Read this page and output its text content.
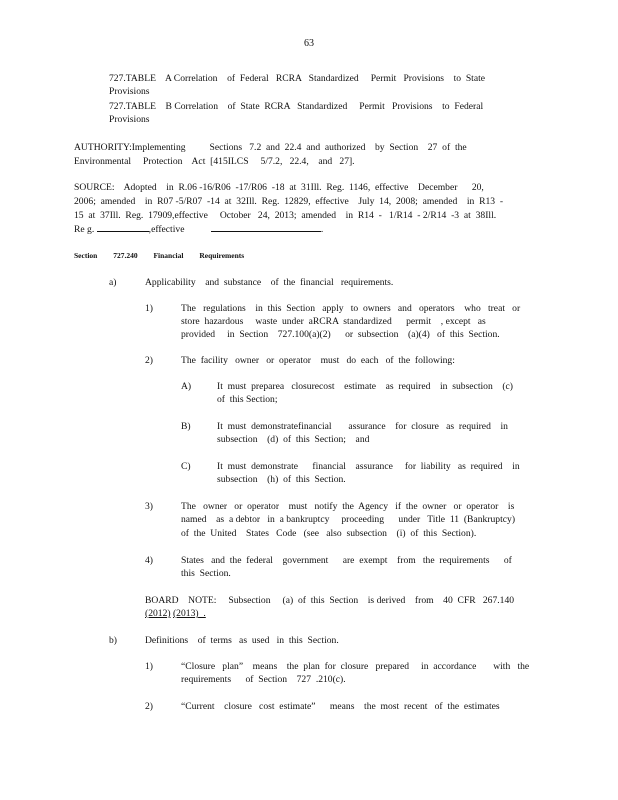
63
727.TABLE    A Correlation    of  Federal   RCRA   Standardized     Permit   Provisions    to  State
Provisions
727.TABLE    B Correlation    of  State  RCRA   Standardized     Permit   Provisions    to  Federal
Provisions
AUTHORITY:Implementing          Sections   7.2  and  22.4  and  authorized    by  Section    27  of  the
Environmental     Protection    Act  [415ILCS     5/7.2,   22.4,    and   27].
SOURCE:    Adopted    in  R.06 -16/R06  -17/R06  -18  at  31Ill.  Reg.  1146,  effective    December      20,
2006;  amended    in  R07 -5/R07  -14  at  32Ill.  Reg.  12829,  effective    July  14,  2008;  amended    in  R13  -
15  at  37Ill.  Reg.  17909,effective     October   24,  2013;  amended    in  R14  -   1/R14  - 2/R14  -3  at  38Ill.
Re g.	,effective	.
Section 727.240 Financial Requirements
a)	Applicability    and  substance    of  the  financial   requirements.
1)	The   regulations    in  this  Section   apply   to  owners   and   operators    who   treat   or
store  hazardous     waste  under  aRCRA  standardized      permit    , except   as
provided     in  Section    727.100(a)(2)      or  subsection    (a)(4)   of  this  Section.
2)	The  facility   owner   or  operator    must   do  each   of  the  following:
A)	It  must  preparea   closurecost    estimate    as  required    in  subsection    (c)
of  this Section;
B)	It  must  demonstratefinancial       assurance    for  closure   as  required    in
subsection    (d)  of  this  Section;    and
C)	It  must  demonstrate      financial    assurance     for  liability   as  required    in
subsection    (h)  of  this  Section.
3)	The   owner   or  operator    must   notify  the  Agency   if  the  owner   or  operator    is
named    as  a debtor   in  a bankruptcy     proceeding      under   Title  11  (Bankruptcy)
of  the  United    States   Code   (see   also  subsection    (i)  of  this  Section).
4)	States   and  the  federal    government      are  exempt    from   the  requirements      of
this  Section.
BOARD    NOTE:     Subsection     (a)  of  this  Section    is derived    from    40  CFR   267.140
(2012) (2013)  .
b)	Definitions    of  terms   as  used   in  this  Section.
1)	“Closure   plan”    means    the  plan  for  closure   prepared     in  accordance       with   the
requirements      of  Section    727  .210(c).
2)	“Current    closure   cost  estimate”      means    the  most  recent   of  the  estimates
